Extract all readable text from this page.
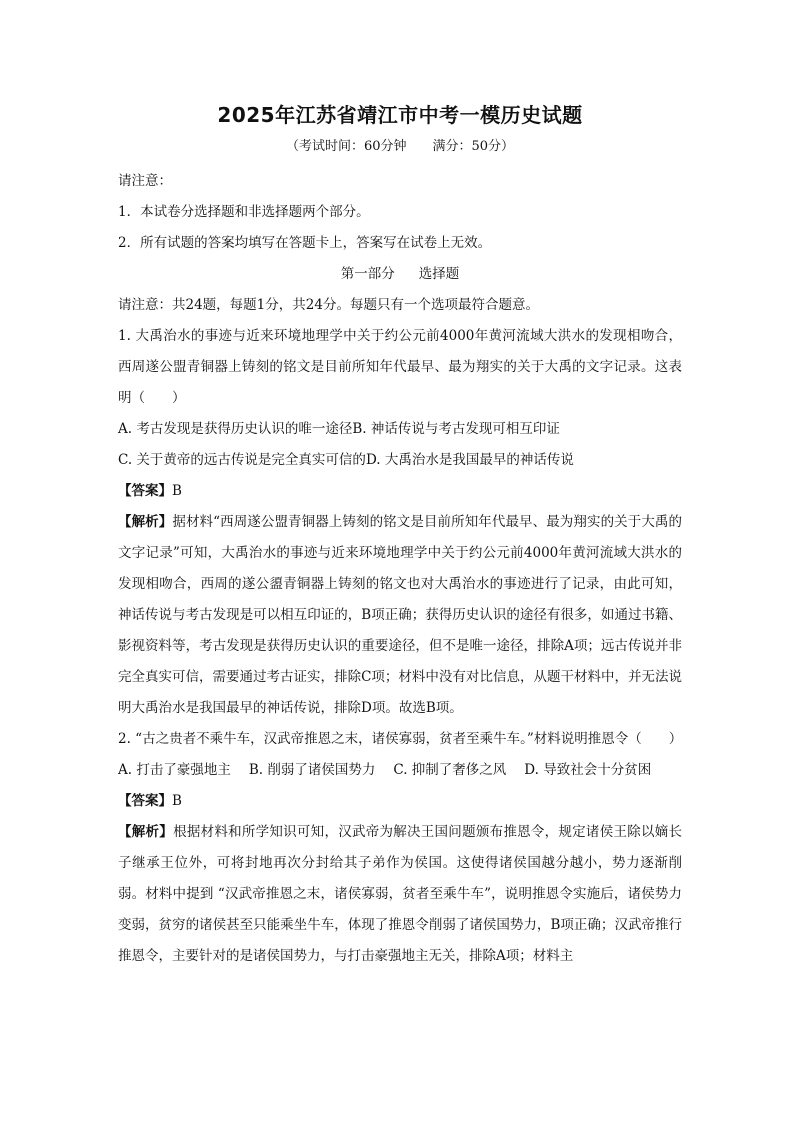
2025年江苏省靖江市中考一模历史试题
（考试时间：60分钟 满分：50分）
请注意：
1．本试卷分选择题和非选择题两个部分。
2．所有试题的答案均填写在答题卡上，答案写在试卷上无效。
第一部分 选择题
请注意：共24题，每题1分，共24分。每题只有一个选项最符合题意。
1. 大禹治水的事迹与近来环境地理学中关于约公元前4000年黄河流域大洪水的发现相吻合，西周遂公盟青铜器上铸刻的铭文是目前所知年代最早、最为翔实的关于大禹的文字记录。这表明（　　）
A. 考古发现是获得历史认识的唯一途径B. 神话传说与考古发现可相互印证
C. 关于黄帝的远古传说是完全真实可信的D. 大禹治水是我国最早的神话传说
【答案】B
【解析】据材料“西周遂公盟青铜器上铸刻的铭文是目前所知年代最早、最为翔实的关于大禹的文字记录”可知，大禹治水的事迹与近来环境地理学中关于约公元前4000年黄河流域大洪水的发现相吻合，西周的遂公盨青铜器上铸刻的铭文也对大禹治水的事迹进行了记录，由此可知，神话传说与考古发现是可以相互印证的，B项正确；获得历史认识的途径有很多，如通过书籍、影视资料等，考古发现是获得历史认识的重要途径，但不是唯一途径，排除A项；远古传说并非完全真实可信，需要通过考古证实，排除C项；材料中没有对比信息，从题干材料中，并无法说明大禹治水是我国最早的神话传说，排除D项。故选B项。
2. “古之贵者不乘牛车，汉武帝推恩之末，诸侯寡弱，贫者至乘牛车。”材料说明推恩令（　　）
A. 打击了豪强地主 B. 削弱了诸侯国势力 C. 抑制了奢侈之风 D. 导致社会十分贫困
【答案】B
【解析】根据材料和所学知识可知，汉武帝为解决王国问题颁布推恩令，规定诸侯王除以嫡长子继承王位外，可将封地再次分封给其子弟作为侯国。这使得诸侯国越分越小，势力逐渐削弱。材料中提到 “汉武帝推恩之末，诸侯寡弱，贫者至乘牛车”，说明推恩令实施后，诸侯势力变弱，贫穷的诸侯甚至只能乘坐牛车，体现了推恩令削弱了诸侯国势力，B项正确；汉武帝推行推恩令，主要针对的是诸侯国势力，与打击豪强地主无关，排除A项；材料主
